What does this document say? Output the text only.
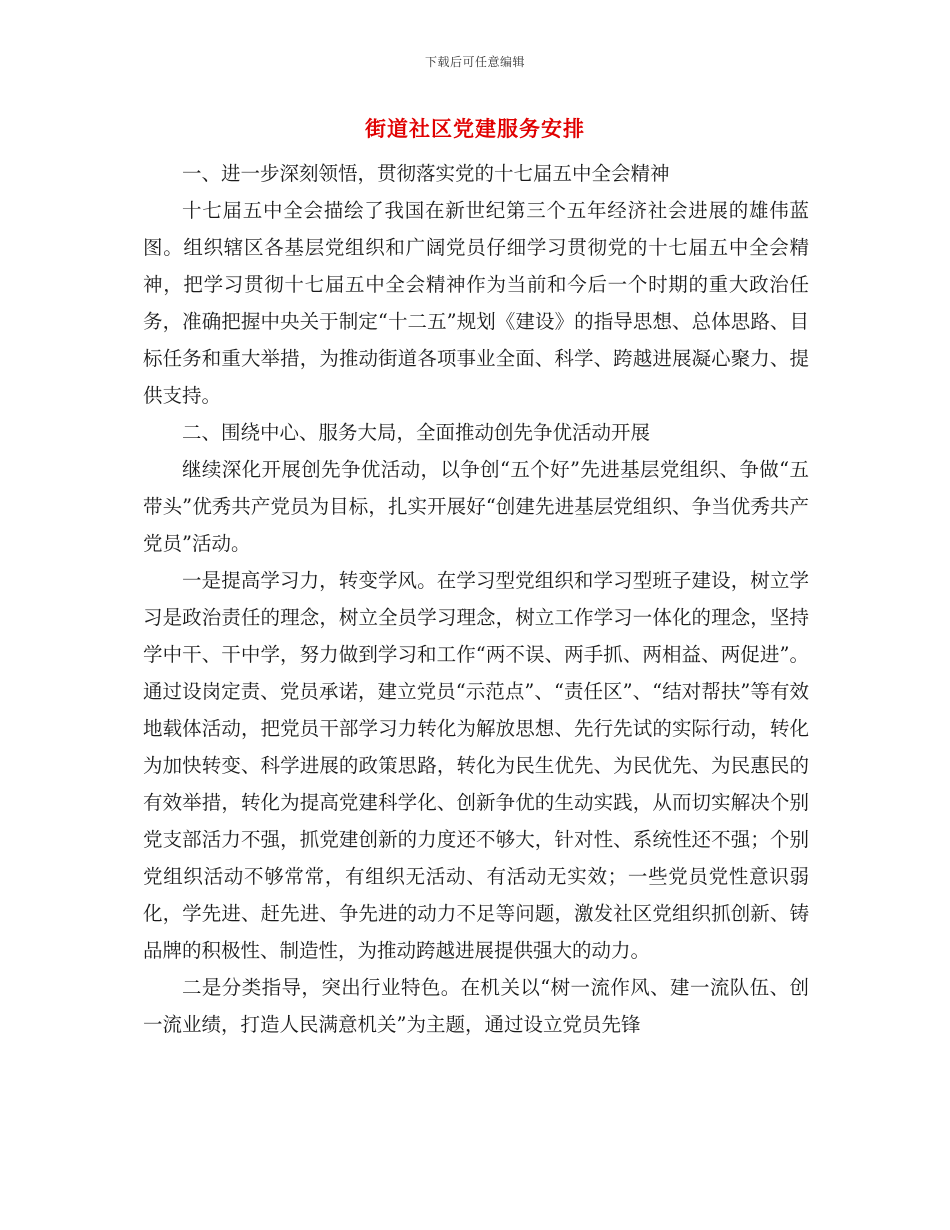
下载后可任意编辑
街道社区党建服务安排

一、进一步深刻领悟，贯彻落实党的十七届五中全会精神

十七届五中全会描绘了我国在新世纪第三个五年经济社会进展的雄伟蓝图。组织辖区各基层党组织和广阔党员仔细学习贯彻党的十七届五中全会精神，把学习贯彻十七届五中全会精神作为当前和今后一个时期的重大政治任务，准确把握中央关于制定“十二五”规划《建设》的指导思想、总体思路、目标任务和重大举措，为推动街道各项事业全面、科学、跨越进展凝心聚力、提供支持。

二、围绕中心、服务大局，全面推动创先争优活动开展

继续深化开展创先争优活动，以争创“五个好”先进基层党组织、争做“五带头”优秀共产党员为目标，扎实开展好“创建先进基层党组织、争当优秀共产党员”活动。

一是提高学习力，转变学风。在学习型党组织和学习型班子建设，树立学习是政治责任的理念，树立全员学习理念，树立工作学习一体化的理念，坚持学中干、干中学，努力做到学习和工作“两不误、两手抓、两相益、两促进”。通过设岗定责、党员承诺，建立党员“示范点”、“责任区”、“结对帮扶”等有效地载体活动，把党员干部学习力转化为解放思想、先行先试的实际行动，转化为加快转变、科学进展的政策思路，转化为民生优先、为民优先、为民惠民的有效举措，转化为提高党建科学化、创新争优的生动实践，从而切实解决个别党支部活力不强，抓党建创新的力度还不够大，针对性、系统性还不强；个别党组织活动不够常常，有组织无活动、有活动无实效；一些党员党性意识弱化，学先进、赶先进、争先进的动力不足等问题，激发社区党组织抓创新、铸品牌的积极性、制造性，为推动跨越进展提供强大的动力。

二是分类指导，突出行业特色。在机关以“树一流作风、建一流队伍、创一流业绩，打造人民满意机关”为主题，通过设立党员先锋
